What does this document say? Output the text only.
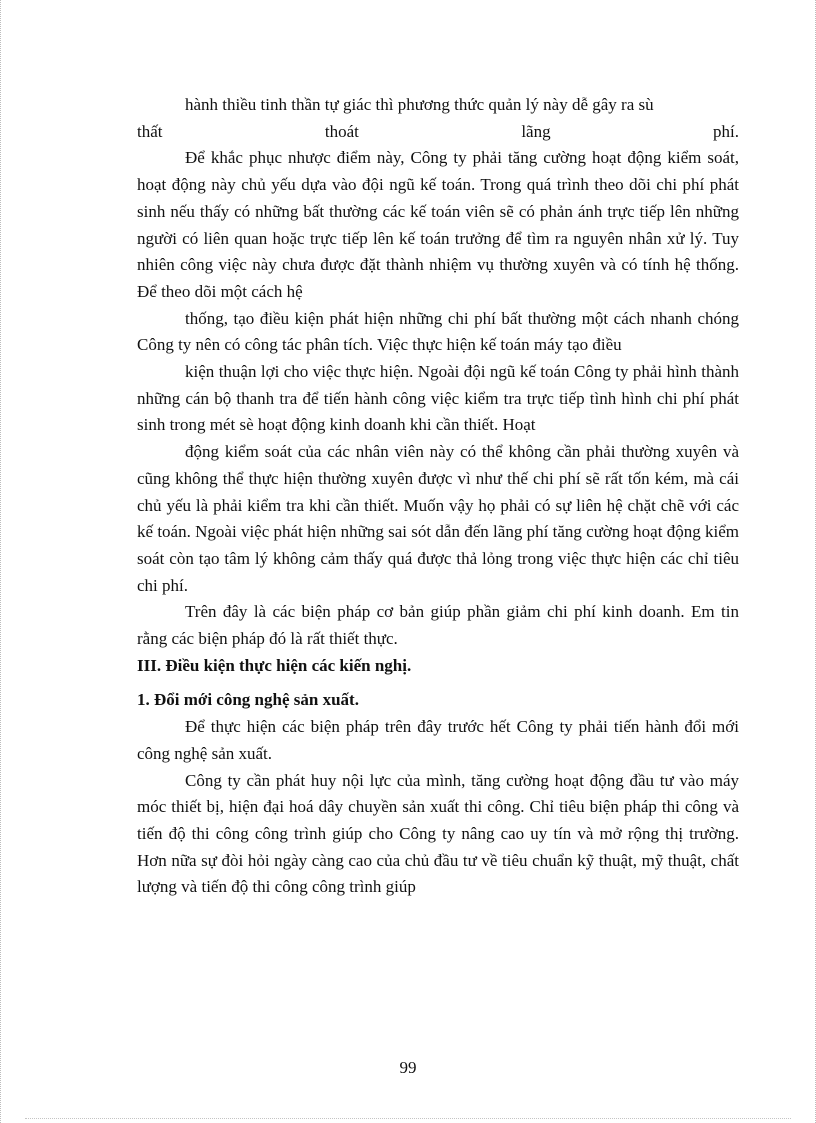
hành thiều tinh thần tự giác thì phương thức quản lý này dễ gây ra sù

thất thoát lãng phí.

Để khắc phục nhược điểm này, Công ty phải tăng cường hoạt động kiểm soát, hoạt động này chủ yếu dựa vào đội ngũ kế toán. Trong quá trình theo dõi chi phí phát sinh nếu thấy có những bất thường các kế toán viên sẽ có phản ánh trực tiếp lên những người có liên quan hoặc trực tiếp lên kế toán trưởng để tìm ra nguyên nhân xử lý. Tuy nhiên công việc này chưa được đặt thành nhiệm vụ thường xuyên và có tính hệ thống. Để theo dõi một cách hệ

thống, tạo điều kiện phát hiện những chi phí bất thường một cách nhanh chóng Công ty nên có công tác phân tích. Việc thực hiện kế toán máy tạo điều

kiện thuận lợi cho việc thực hiện. Ngoài đội ngũ kế toán Công ty phải hình thành những cán bộ thanh tra để tiến hành công việc kiểm tra trực tiếp tình hình chi phí phát sinh trong mét sè hoạt động kinh doanh khi cần thiết. Hoạt

động kiểm soát của các nhân viên này có thể không cần phải thường xuyên và cũng không thể thực hiện thường xuyên được vì như thế chi phí sẽ rất tốn kém, mà cái chủ yếu là phải kiểm tra khi cần thiết. Muốn vậy họ phải có sự liên hệ chặt chẽ với các kế toán. Ngoài việc phát hiện những sai sót dẫn đến lãng phí tăng cường hoạt động kiểm soát còn tạo tâm lý không cảm thấy quá được thả lỏng trong việc thực hiện các chỉ tiêu chi phí.

Trên đây là các biện pháp cơ bản giúp phần giảm chi phí kinh doanh. Em tin rằng các biện pháp đó là rất thiết thực.

III. Điều kiện thực hiện các kiến nghị.
1. Đổi mới công nghệ sản xuất.

Để thực hiện các biện pháp trên đây trước hết Công ty phải tiến hành đổi mới công nghệ sản xuất.

Công ty cần phát huy nội lực của mình, tăng cường hoạt động đầu tư vào máy móc thiết bị, hiện đại hoá dây chuyền sản xuất thi công. Chỉ tiêu biện pháp thi công và tiến độ thi công công trình giúp cho Công ty nâng cao uy tín và mở rộng thị trường. Hơn nữa sự đòi hỏi ngày càng cao của chủ đầu tư về tiêu chuẩn kỹ thuật, mỹ thuật, chất lượng và tiến độ thi công công trình giúp

99
